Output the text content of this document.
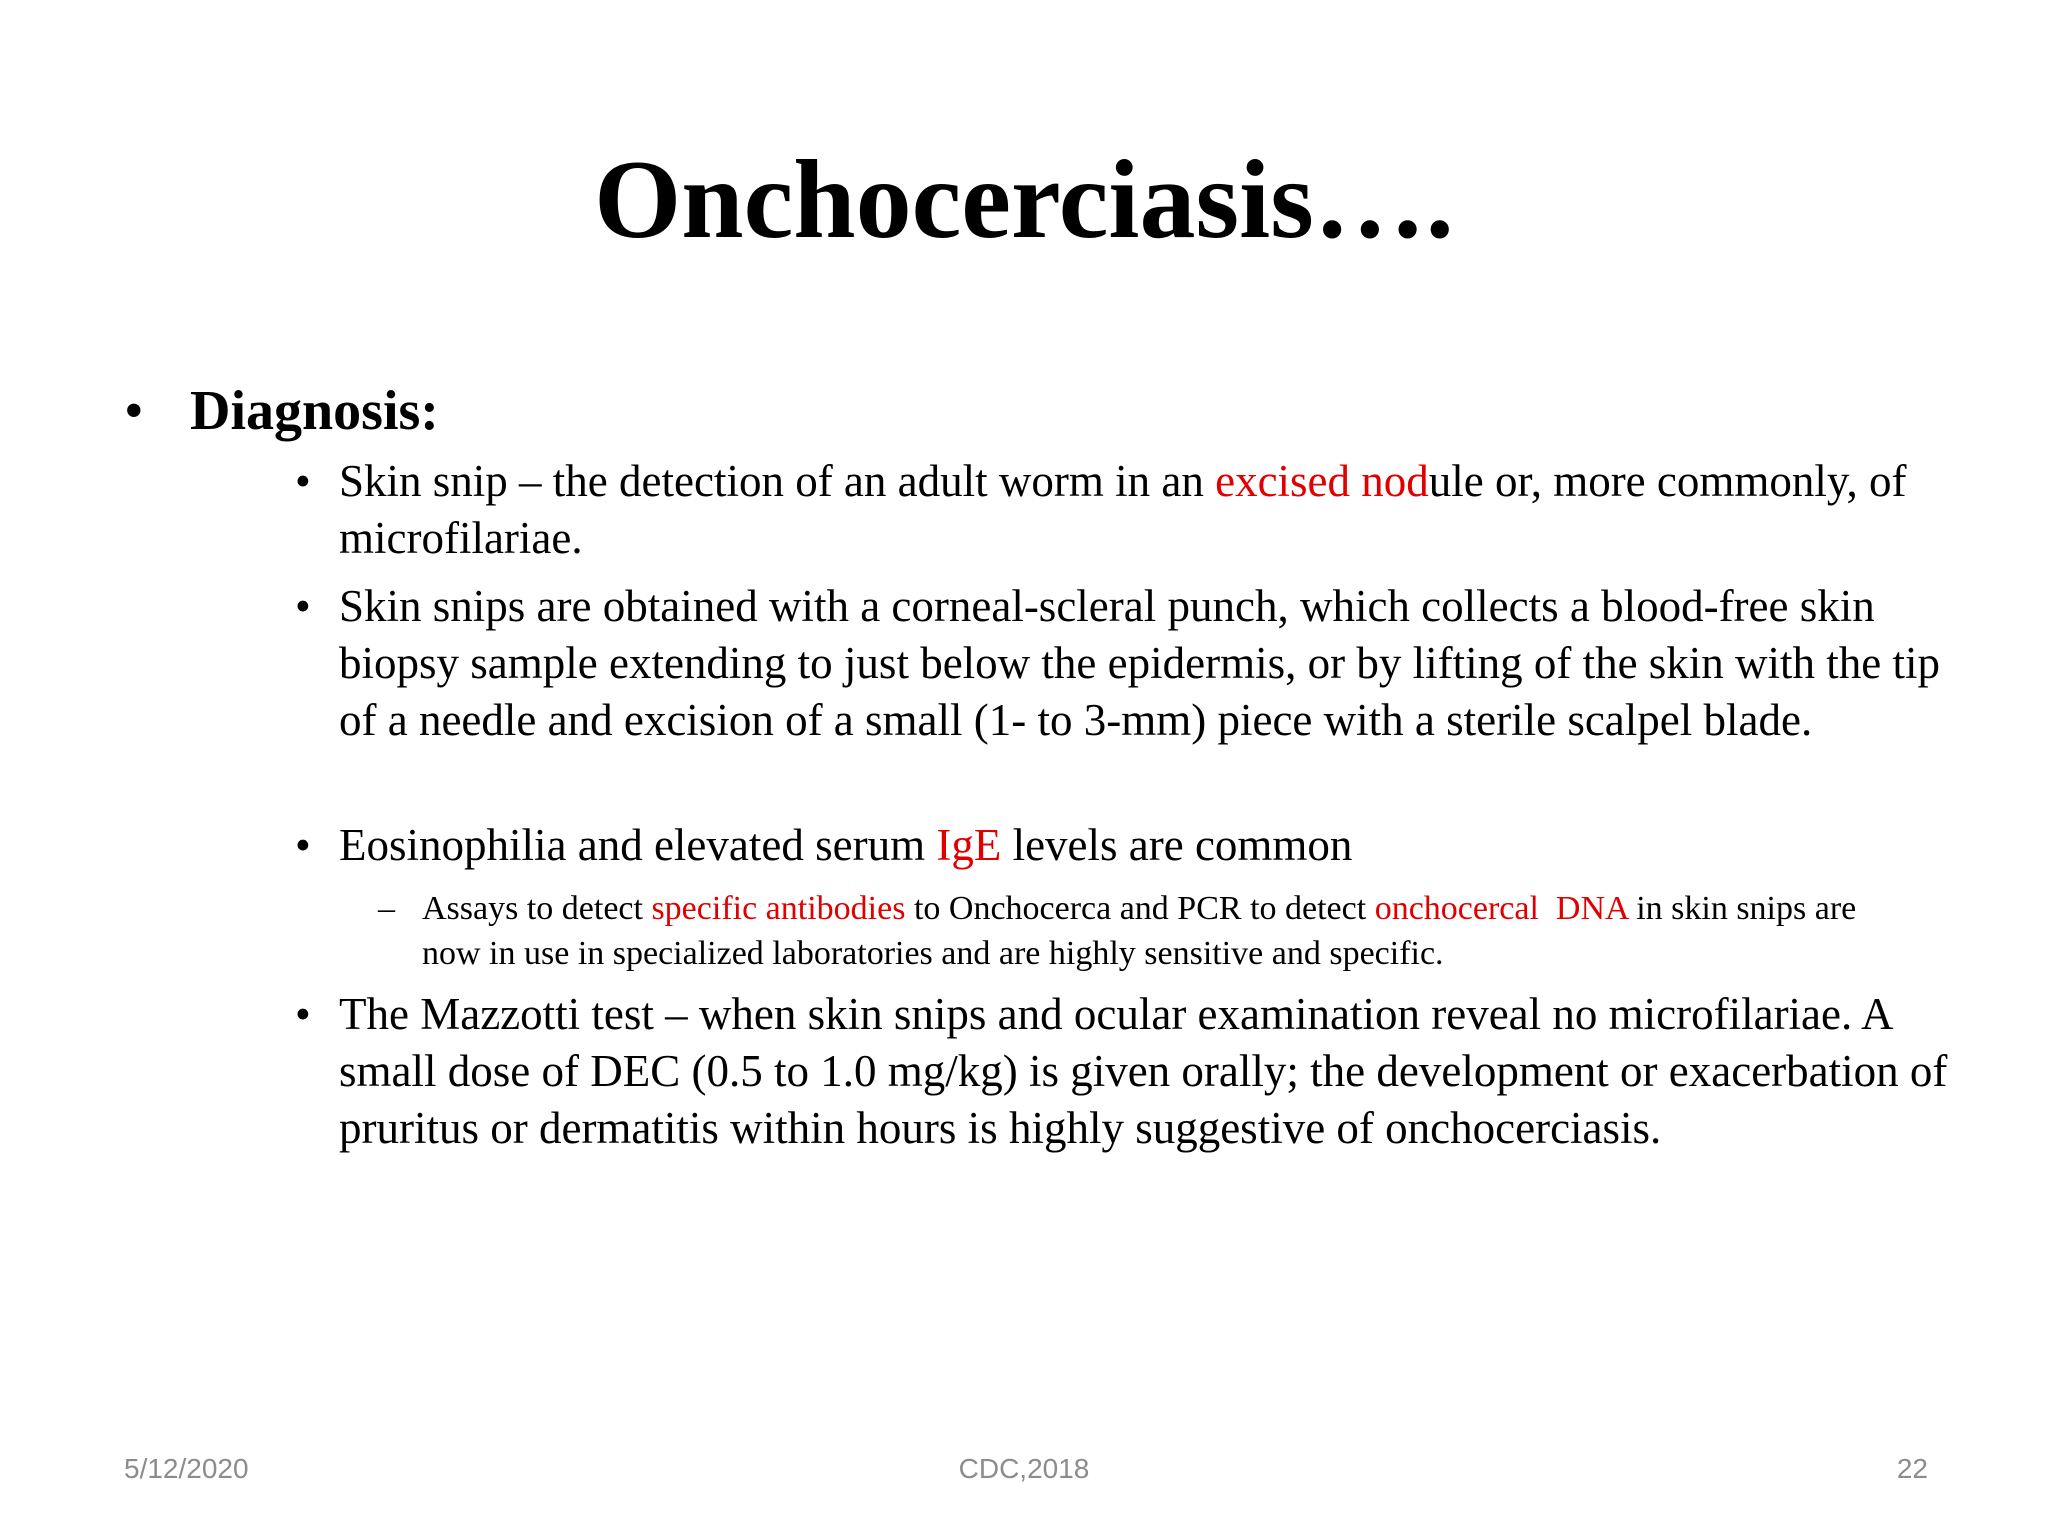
Onchocerciasis….
• Diagnosis:
• Skin snip – the detection of an adult worm in an excised nodule or, more commonly, of microfilariae.
• Skin snips are obtained with a corneal-scleral punch, which collects a blood-free skin biopsy sample extending to just below the epidermis, or by lifting of the skin with the tip of a needle and excision of a small (1- to 3-mm) piece with a sterile scalpel blade.
• Eosinophilia and elevated serum IgE levels are common
– Assays to detect specific antibodies to Onchocerca and PCR to detect onchocercal  DNA in skin snips are now in use in specialized laboratories and are highly sensitive and specific.
• The Mazzotti test – when skin snips and ocular examination reveal no microfilariae. A small dose of DEC (0.5 to 1.0 mg/kg) is given orally; the development or exacerbation of pruritus or dermatitis within hours is highly suggestive of onchocerciasis.
5/12/2020	CDC,2018	22
